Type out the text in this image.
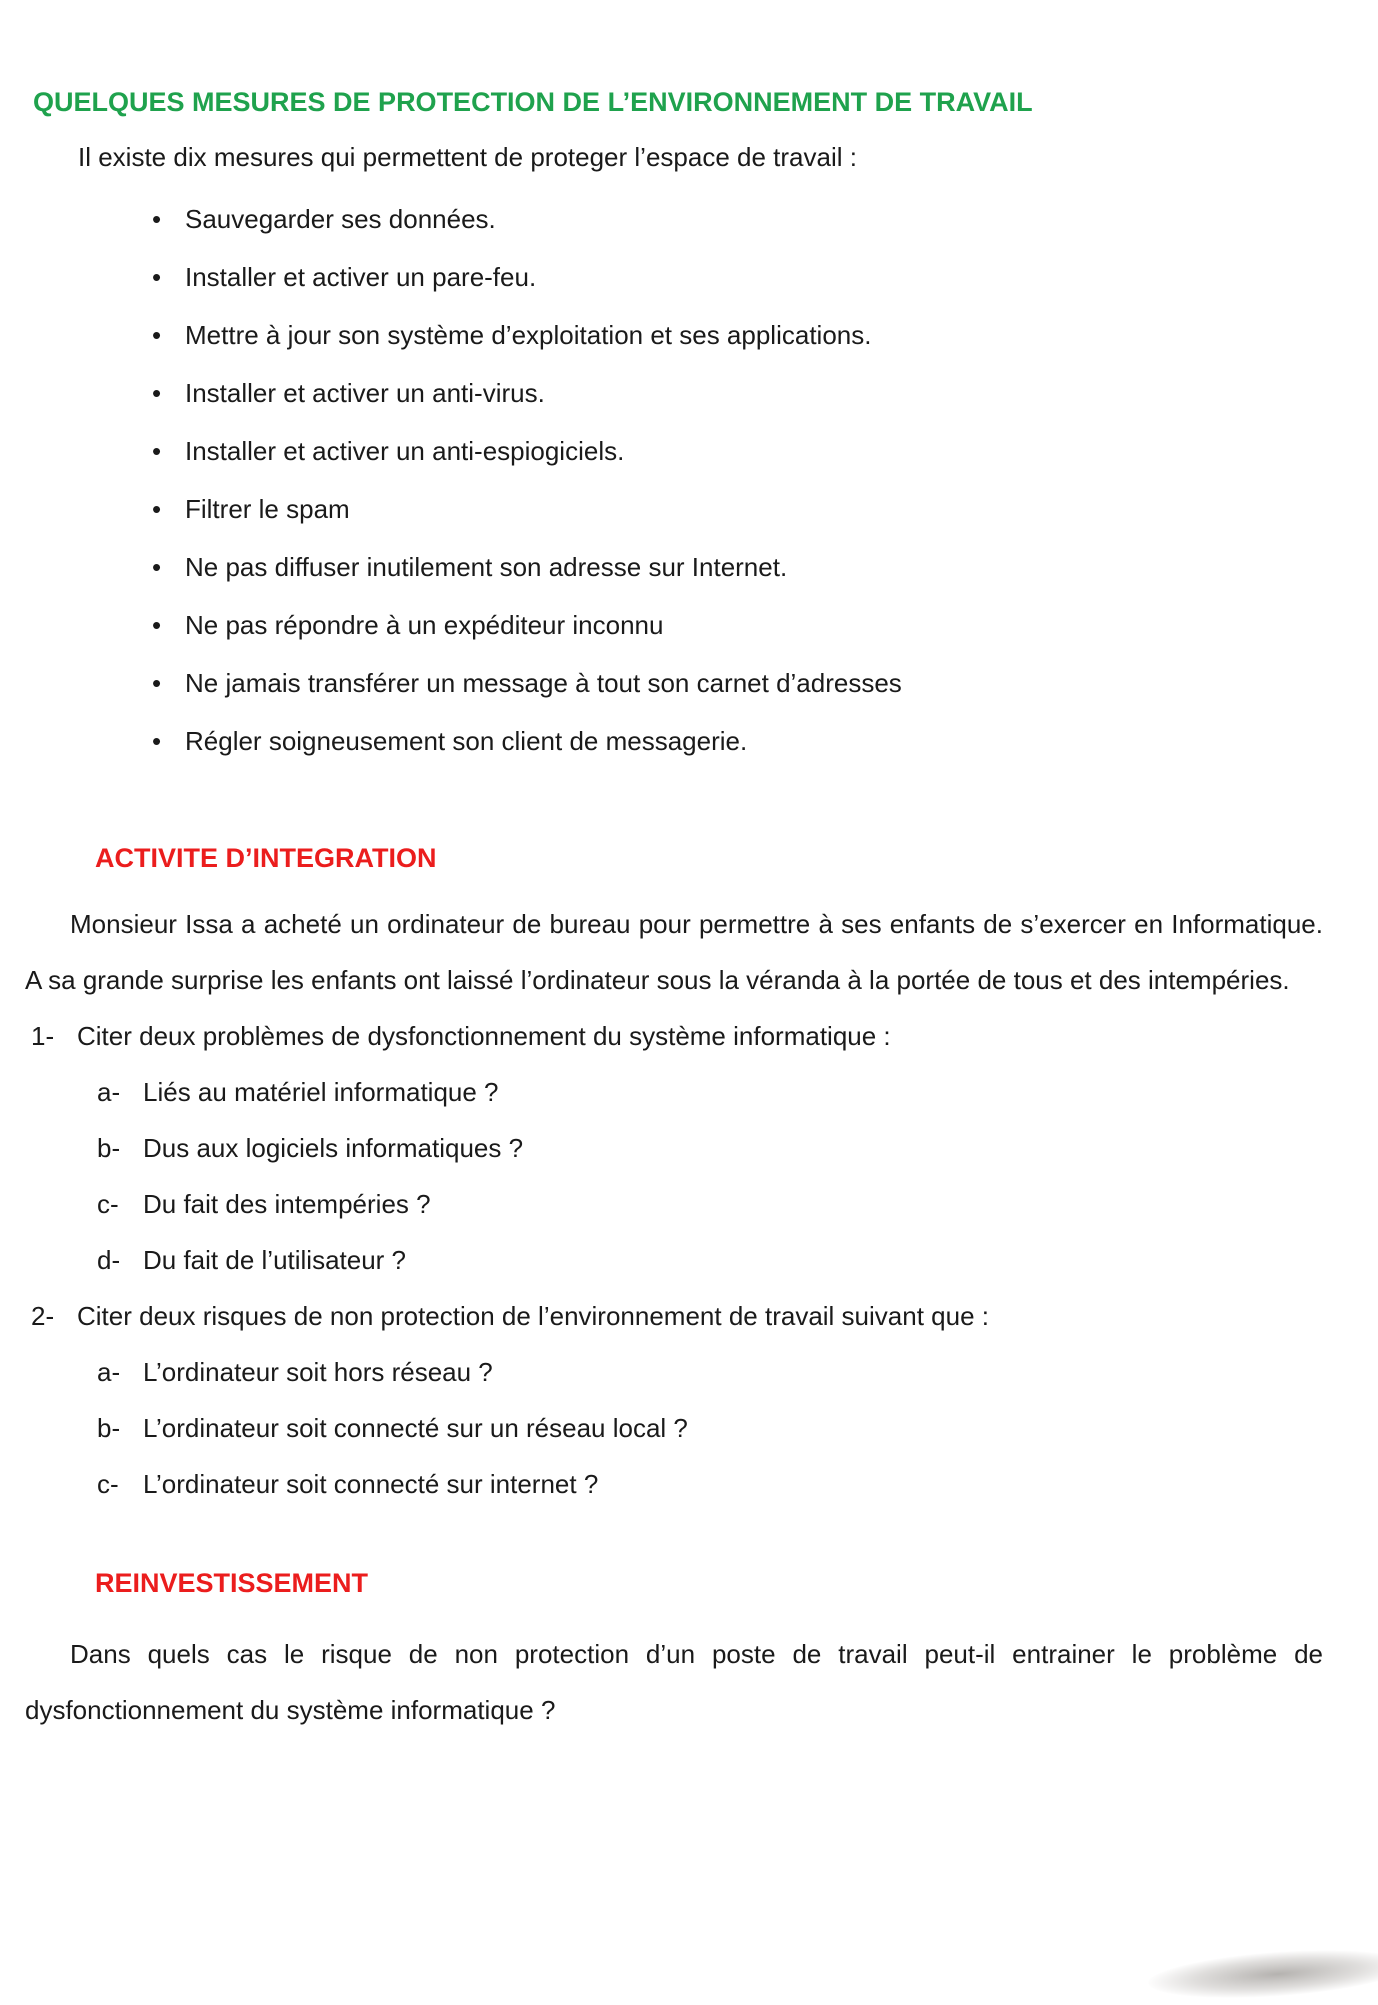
QUELQUES MESURES DE PROTECTION DE L’ENVIRONNEMENT DE TRAVAIL

Il existe dix mesures qui permettent de proteger l’espace de travail :

• Sauvegarder ses données.
• Installer et activer un pare-feu.
• Mettre à jour son système d’exploitation et ses applications.
• Installer et activer un anti-virus.
• Installer et activer un anti-espiogiciels.
• Filtrer le spam
• Ne pas diffuser inutilement son adresse sur Internet.
• Ne pas répondre à un expéditeur inconnu
• Ne jamais transférer un message à tout son carnet d’adresses
• Régler soigneusement son client de messagerie.
ACTIVITE D’INTEGRATION

Monsieur Issa a acheté un ordinateur de bureau pour permettre à ses enfants de s’exercer en Informatique. A sa grande surprise les enfants ont laissé l’ordinateur sous la véranda à la portée de tous et des intempéries.

1- Citer deux problèmes de dysfonctionnement du système informatique :
a- Liés au matériel informatique ?
b- Dus aux logiciels informatiques ?
c- Du fait des intempéries ?
d- Du fait de l’utilisateur ?
2- Citer deux risques de non protection de l’environnement de travail suivant que :
a- L’ordinateur soit hors réseau ?
b- L’ordinateur soit connecté sur un réseau local ?
c- L’ordinateur soit connecté sur internet ?
REINVESTISSEMENT

Dans quels cas le risque de non protection d’un poste de travail peut-il entrainer le problème de dysfonctionnement du système informatique ?
